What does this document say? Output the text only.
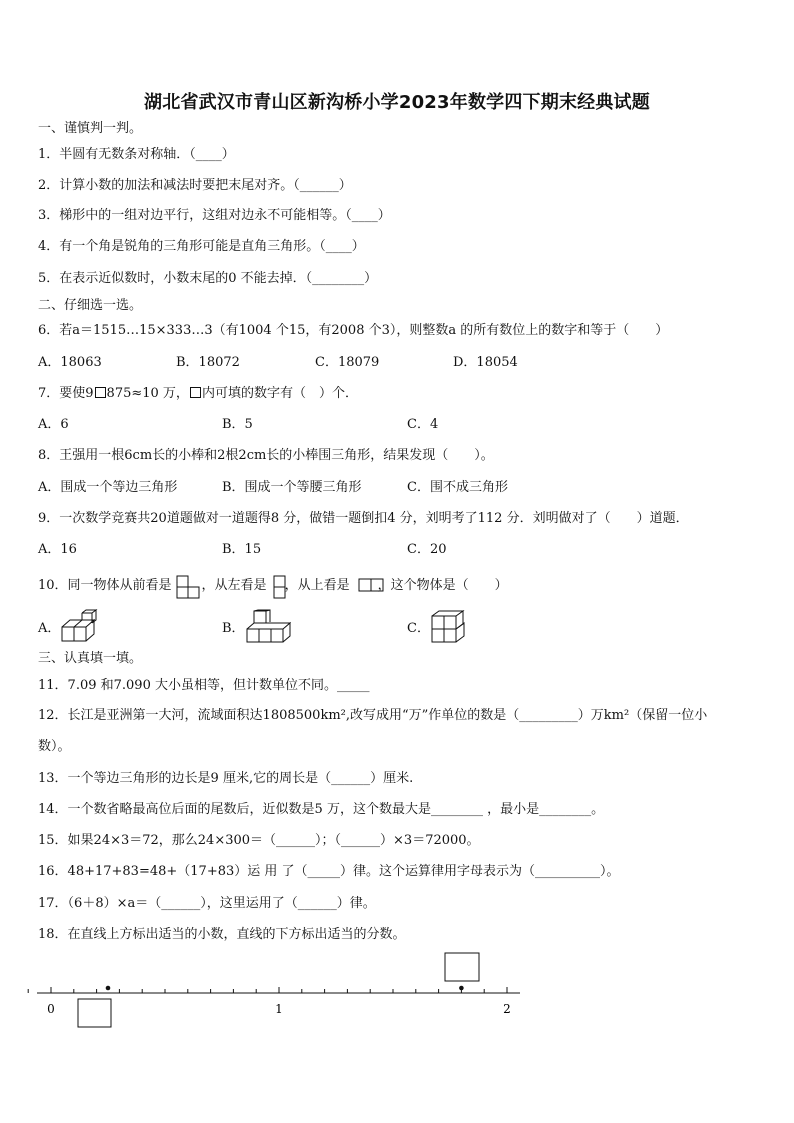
湖北省武汉市青山区新沟桥小学2023年数学四下期末经典试题
一、谨慎判一判。
1．半圆有无数条对称轴．（____）
2．计算小数的加法和减法时要把末尾对齐。（______）
3．梯形中的一组对边平行，这组对边永不可能相等。（____）
4．有一个角是锐角的三角形可能是直角三角形。（____）
5．在表示近似数时，小数末尾的0 不能去掉．（________）
二、仔细选一选。
6．若a＝1515…15×333…3（有1004 个15，有2008 个3），则整数a 的所有数位上的数字和等于（　　）
A．18063	B．18072	C．18079	D．18054
7．要使9 875≈10 万， 内可填的数字有（　）个．
A．6	B．5	C．4
8．王强用一根6cm长的小棒和2根2cm长的小棒围三角形，结果发现（　　）。
A．围成一个等边三角形	B．围成一个等腰三角形	C．围不成三角形
9．一次数学竞赛共20道题做对一道题得8 分，做错一题倒扣4 分，刘明考了112 分．刘明做对了（　　）道题．
A．16	B．15	C．20
10．同一物体从前看是 ，从左看是 ，从上看是 ，这个物体是（　　）
A．	B．	C．
三、认真填一填。
11．7.09 和7.090 大小虽相等，但计数单位不同。_____
12．长江是亚洲第一大河，流域面积达1808500km²,改写成用“万”作单位的数是（_________）万km²（保留一位小
数）。
13．一个等边三角形的边长是9 厘米,它的周长是（______）厘米.
14．一个数省略最高位后面的尾数后，近似数是5 万，这个数最大是________ ，最小是________。
15．如果24×3＝72，那么24×300＝（______）；（______）×3＝72000。
16．48+17+83=48+（17+83）运 用 了（_____）律。这个运算律用字母表示为（__________）。
17．（6＋8）×a＝（______），这里运用了（______）律。
18．在直线上方标出适当的小数，直线的下方标出适当的分数。
0	1	2
